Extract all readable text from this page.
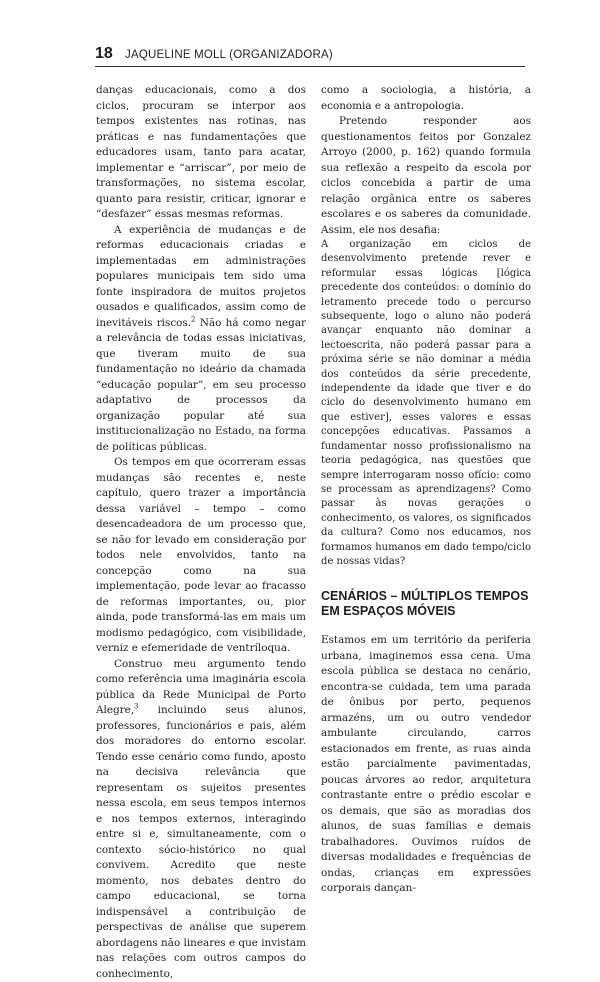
18 JAQUELINE MOLL (ORGANIZADORA)

danças educacionais, como a dos ciclos, procuram se interpor aos tempos existentes nas rotinas, nas práticas e nas fundamentações que educadores usam, tanto para acatar, implementar e “arriscar”, por meio de transformações, no sistema escolar, quanto para resistir, criticar, ignorar e “desfazer” essas mesmas reformas.

A experiência de mudanças e de reformas educacionais criadas e implementadas em administrações populares municipais tem sido uma fonte inspiradora de muitos projetos ousados e qualificados, assim como de inevitáveis riscos.$^2$ Não há como negar a relevância de todas essas iniciativas, que tiveram muito de sua fundamentação no ideário da chamada “educação popular”, em seu processo adaptativo de processos da organização popular até sua institucionalização no Estado, na forma de políticas públicas.

Os tempos em que ocorreram essas mudanças são recentes e, neste capítulo, quero trazer a importância dessa variável – tempo – como desencadeadora de um processo que, se não for levado em consideração por todos nele envolvidos, tanto na concepção como na sua implementação, pode levar ao fracasso de reformas importantes, ou, pior ainda, pode transformá-las em mais um modismo pedagógico, com visibilidade, verniz e efemeridade de ventríloqua.

Construo meu argumento tendo como referência uma imaginária escola pública da Rede Municipal de Porto Alegre,$^3$ incluindo seus alunos, professores, funcionários e pais, além dos moradores do entorno escolar. Tendo esse cenário como fundo, aposto na decisiva relevância que representam os sujeitos presentes nessa escola, em seus tempos internos e nos tempos externos, interagindo entre si e, simultaneamente, com o contexto sócio-histórico no qual convivem. Acredito que neste momento, nos debates dentro do campo educacional, se torna indispensável a contribuição de perspectivas de análise que superem abordagens não lineares e que invistam nas relações com outros campos do conhecimento,

como a sociologia, a história, a economia e a antropologia.

Pretendo responder aos questionamentos feitos por Gonzalez Arroyo (2000, p. 162) quando formula sua reflexão a respeito da escola por ciclos concebida a partir de uma relação orgânica entre os saberes escolares e os saberes da comunidade. Assim, ele nos desafia:

A organização em ciclos de desenvolvimento pretende rever e reformular essas lógicas [lógica precedente dos conteúdos: o domínio do letramento precede todo o percurso subsequente, logo o aluno não poderá avançar enquanto não dominar a lectoescrita, não poderá passar para a próxima série se não dominar a média dos conteúdos da série precedente, independente da idade que tiver e do ciclo do desenvolvimento humano em que estiver], esses valores e essas concepções educativas. Passamos a fundamentar nosso profissionalismo na teoria pedagógica, nas questões que sempre interrogaram nosso ofício: como se processam as aprendizagens? Como passar às novas gerações o conhecimento, os valores, os significados da cultura? Como nos educamos, nos formamos humanos em dado tempo/ciclo de nossas vidas?

CENÁRIOS – MÚLTIPLOS TEMPOS EM ESPAÇOS MÓVEIS

Estamos em um território da periferia urbana, imaginemos essa cena. Uma escola pública se destaca no cenário, encontra-se cuidada, tem uma parada de ônibus por perto, pequenos armazéns, um ou outro vendedor ambulante circulando, carros estacionados em frente, as ruas ainda estão parcialmente pavimentadas, poucas árvores ao redor, arquitetura contrastante entre o prédio escolar e os demais, que são as moradias dos alunos, de suas famílias e demais trabalhadores. Ouvimos ruídos de diversas modalidades e frequências de ondas, crianças em expressões corporais dançan-
